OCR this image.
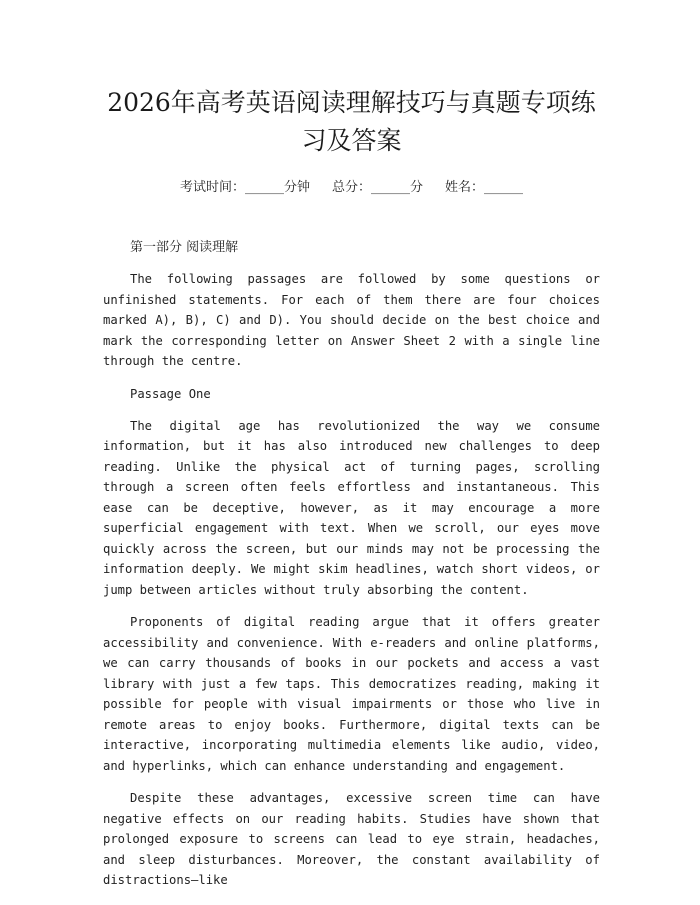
2026年高考英语阅读理解技巧与真题专项练习及答案
考试时间：______分钟 总分：______分 姓名：______
第一部分 阅读理解

The following passages are followed by some questions or unfinished statements. For each of them there are four choices marked A), B), C) and D). You should decide on the best choice and mark the corresponding letter on Answer Sheet 2 with a single line through the centre.

Passage One

The digital age has revolutionized the way we consume information, but it has also introduced new challenges to deep reading. Unlike the physical act of turning pages, scrolling through a screen often feels effortless and instantaneous. This ease can be deceptive, however, as it may encourage a more superficial engagement with text. When we scroll, our eyes move quickly across the screen, but our minds may not be processing the information deeply. We might skim headlines, watch short videos, or jump between articles without truly absorbing the content.

Proponents of digital reading argue that it offers greater accessibility and convenience. With e-readers and online platforms, we can carry thousands of books in our pockets and access a vast library with just a few taps. This democratizes reading, making it possible for people with visual impairments or those who live in remote areas to enjoy books. Furthermore, digital texts can be interactive, incorporating multimedia elements like audio, video, and hyperlinks, which can enhance understanding and engagement.

Despite these advantages, excessive screen time can have negative effects on our reading habits. Studies have shown that prolonged exposure to screens can lead to eye strain, headaches, and sleep disturbances. Moreover, the constant availability of distractions—like
